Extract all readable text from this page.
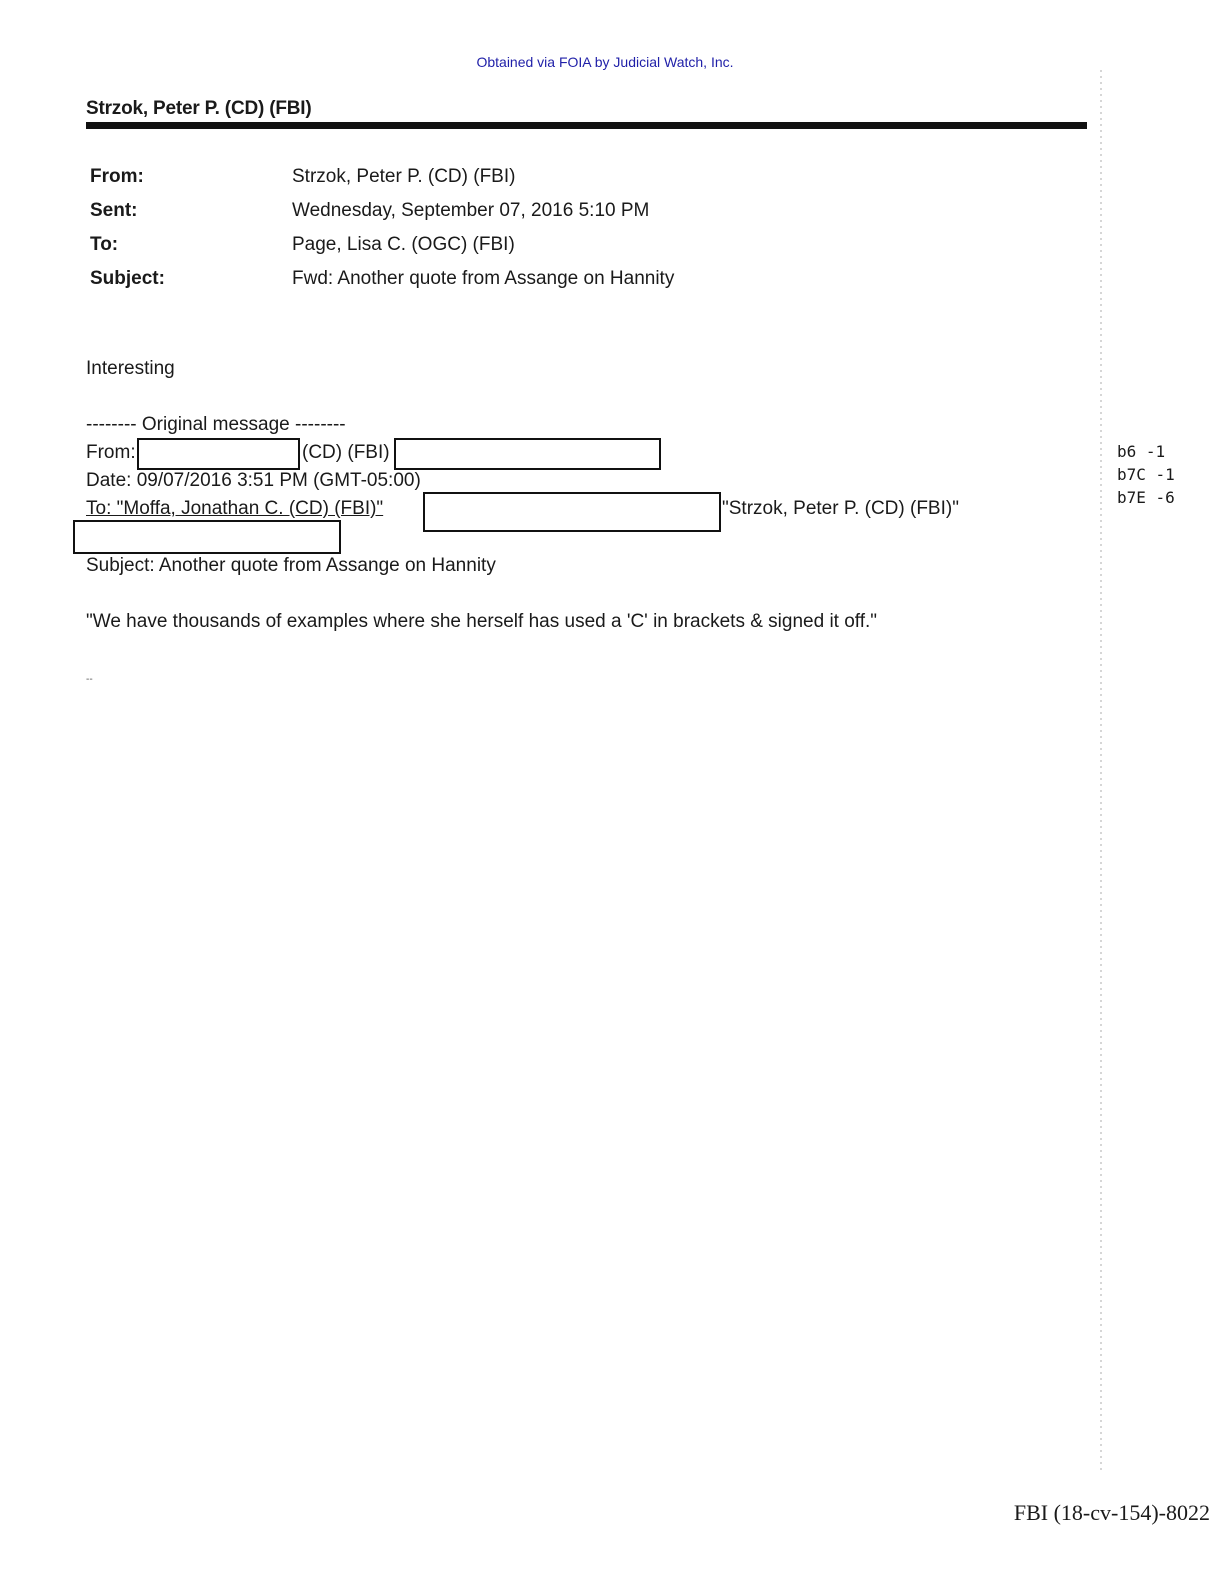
Obtained via FOIA by Judicial Watch, Inc.
Strzok, Peter P. (CD) (FBI)
From:	Strzok, Peter P. (CD) (FBI)
Sent:	Wednesday, September 07, 2016 5:10 PM
To:	Page, Lisa C. (OGC) (FBI)
Subject:	Fwd: Another quote from Assange on Hannity
Interesting
-------- Original message --------
From:	(CD) (FBI)
Date: 09/07/2016 3:51 PM (GMT-05:00)
To: "Moffa, Jonathan C. (CD) (FBI)"	"Strzok, Peter P. (CD) (FBI)"
Subject: Another quote from Assange on Hannity
"We have thousands of examples where she herself has used a 'C' in brackets & signed it off."
--
b6 -1
b7C -1
b7E -6
FBI (18-cv-154)-8022
